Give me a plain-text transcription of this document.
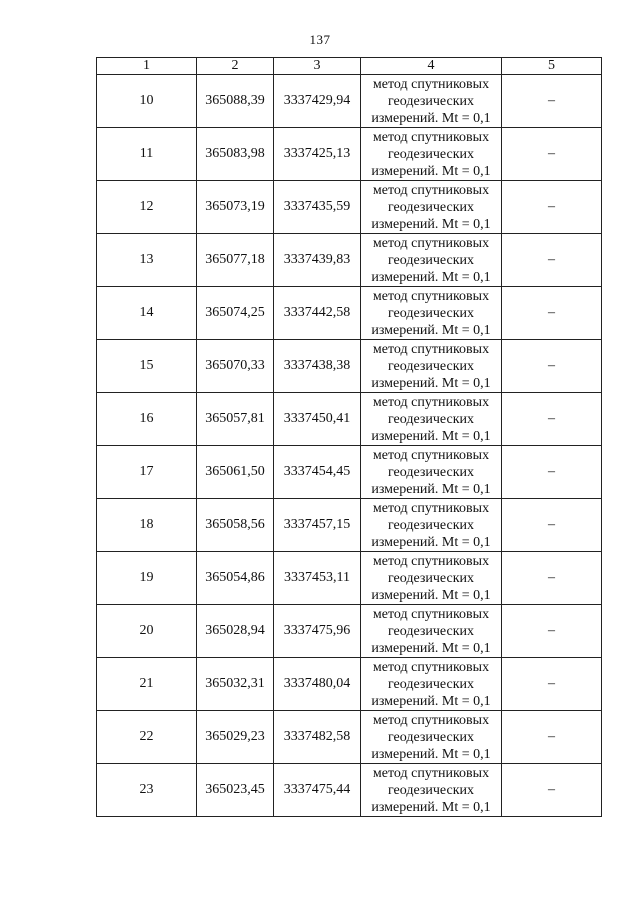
137
1	2	3	4	5
10	365088,39	3337429,94	метод спутниковых
геодезических
измерений. Mt = 0,1	–
11	365083,98	3337425,13	метод спутниковых
геодезических
измерений. Mt = 0,1	–
12	365073,19	3337435,59	метод спутниковых
геодезических
измерений. Mt = 0,1	–
13	365077,18	3337439,83	метод спутниковых
геодезических
измерений. Mt = 0,1	–
14	365074,25	3337442,58	метод спутниковых
геодезических
измерений. Mt = 0,1	–
15	365070,33	3337438,38	метод спутниковых
геодезических
измерений. Mt = 0,1	–
16	365057,81	3337450,41	метод спутниковых
геодезических
измерений. Mt = 0,1	–
17	365061,50	3337454,45	метод спутниковых
геодезических
измерений. Mt = 0,1	–
18	365058,56	3337457,15	метод спутниковых
геодезических
измерений. Mt = 0,1	–
19	365054,86	3337453,11	метод спутниковых
геодезических
измерений. Mt = 0,1	–
20	365028,94	3337475,96	метод спутниковых
геодезических
измерений. Mt = 0,1	–
21	365032,31	3337480,04	метод спутниковых
геодезических
измерений. Mt = 0,1	–
22	365029,23	3337482,58	метод спутниковых
геодезических
измерений. Mt = 0,1	–
23	365023,45	3337475,44	метод спутниковых
геодезических
измерений. Mt = 0,1	–
